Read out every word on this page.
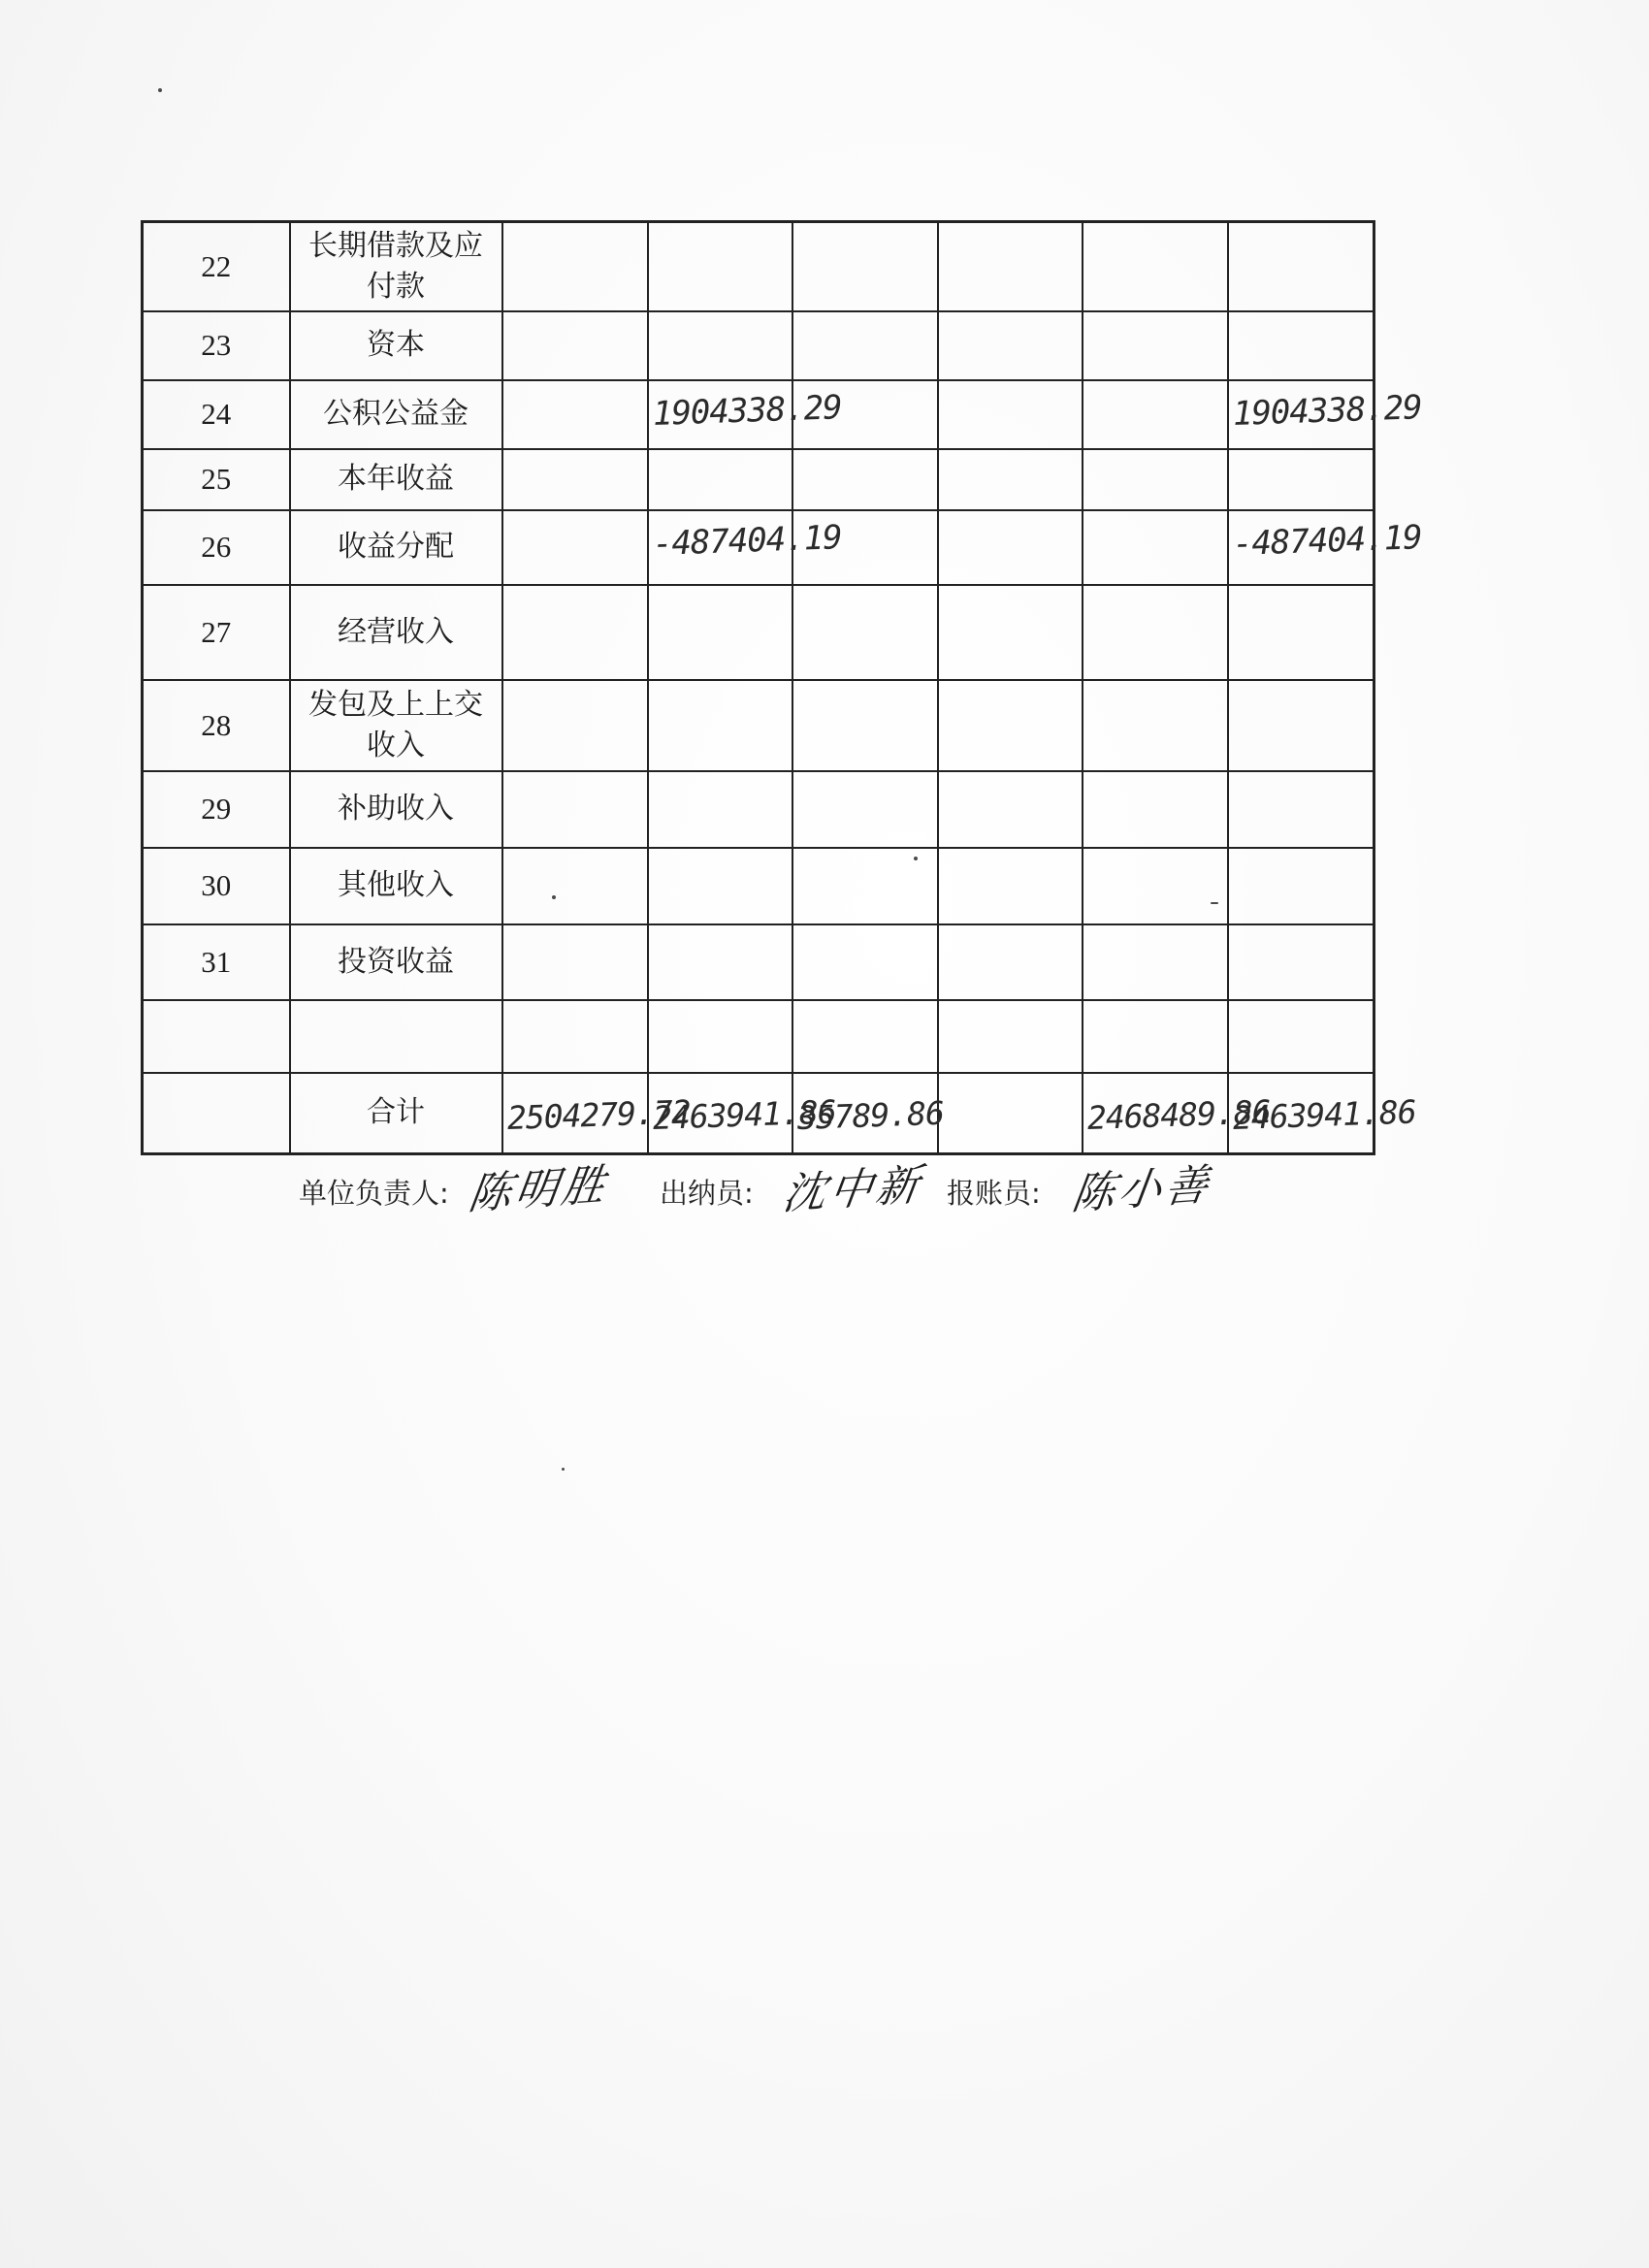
22	长期借款及应付款						
23	资本						
24	公积公益金		1904338.29				1904338.29

25	本年收益						
26	收益分配		-487404.19				-487404.19

27	经营收入						
28	发包及上上交收入						
29	补助收入						
30	其他收入						
31	投资收益						

	合计	2504279.72	2463941.86	35789.86		2468489.86	2463941.86
单位负责人: 陈明胜 出纳员: 沈中新 报账员: 陈小善
